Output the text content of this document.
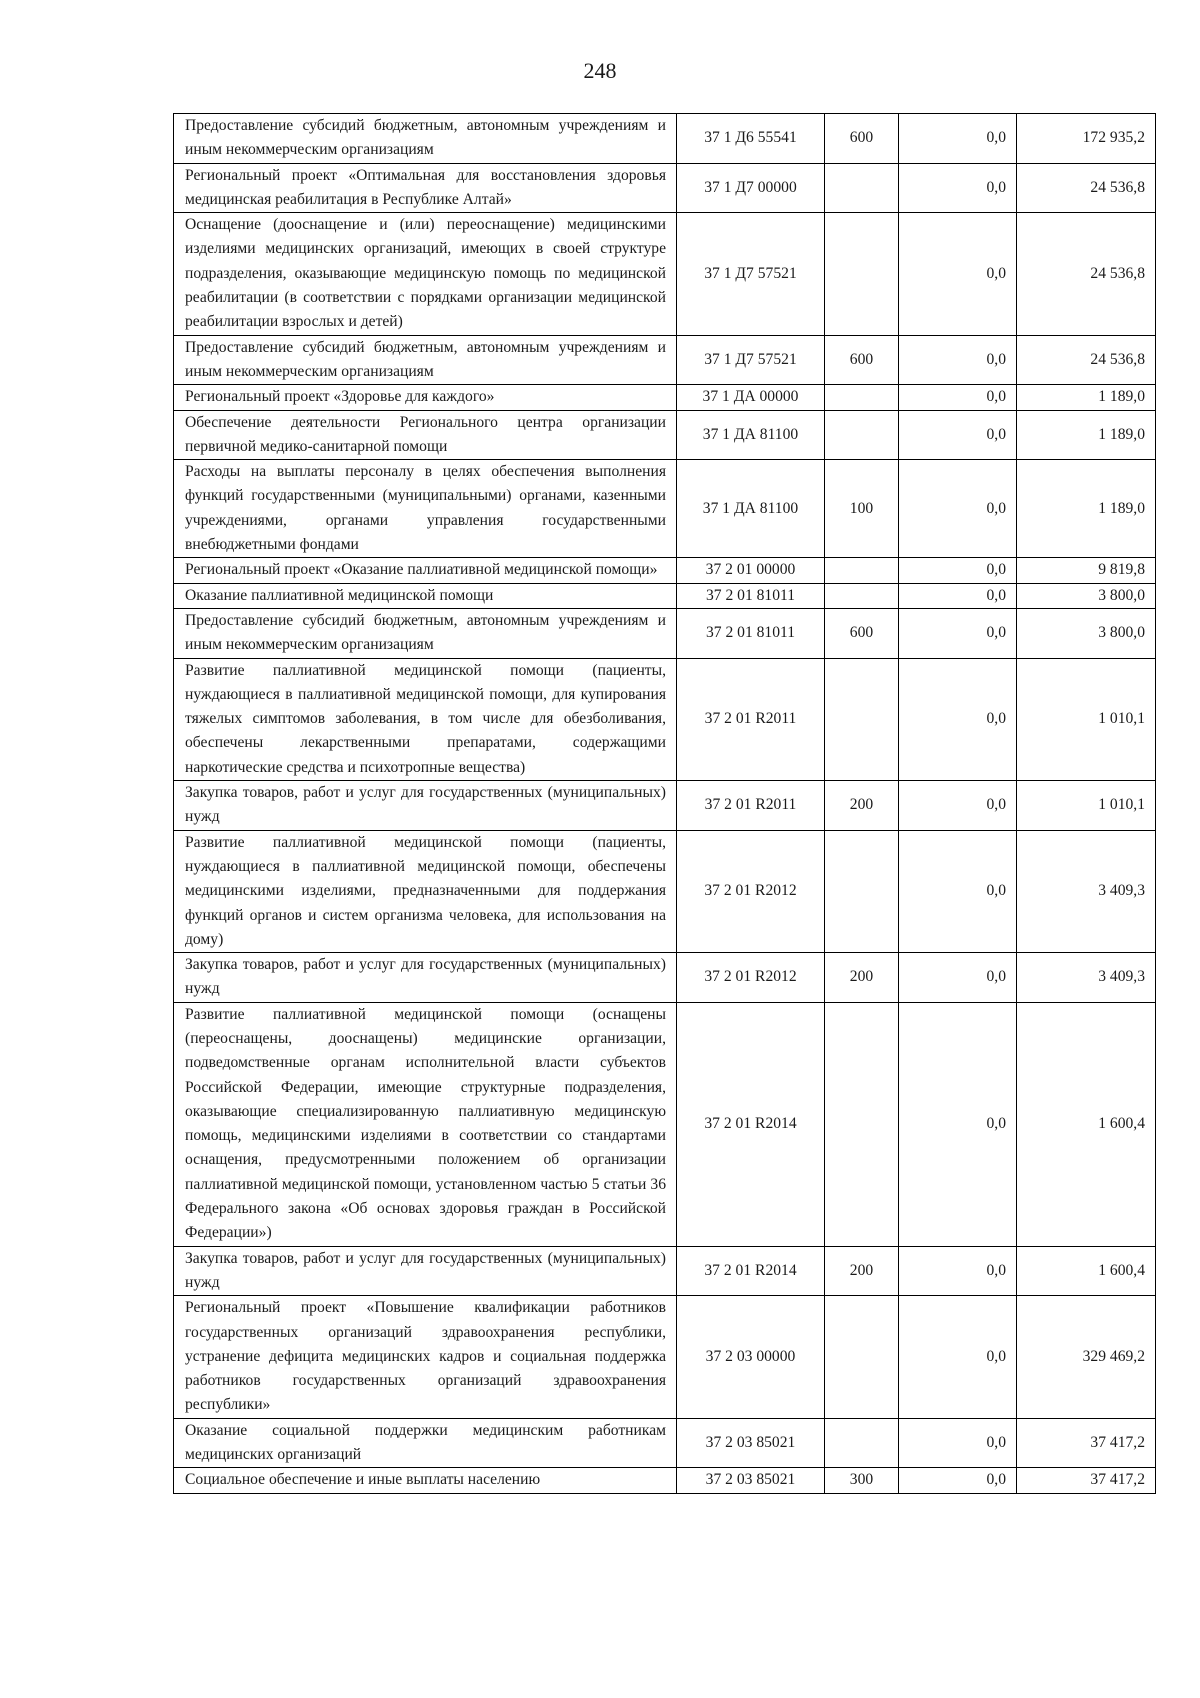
248
Предоставление субсидий бюджетным, автономным учреждениям и иным некоммерческим организациям	37 1 Д6 55541	600	0,0	172 935,2
Региональный проект «Оптимальная для восстановления здоровья медицинская реабилитация в Республике Алтай»	37 1 Д7 00000		0,0	24 536,8
Оснащение (дооснащение и (или) переоснащение) медицинскими изделиями медицинских организаций, имеющих в своей структуре подразделения, оказывающие медицинскую помощь по медицинской реабилитации (в соответствии с порядками организации медицинской реабилитации взрослых и детей)	37 1 Д7 57521		0,0	24 536,8
Предоставление субсидий бюджетным, автономным учреждениям и иным некоммерческим организациям	37 1 Д7 57521	600	0,0	24 536,8
Региональный проект «Здоровье для каждого»	37 1 ДА 00000		0,0	1 189,0
Обеспечение деятельности Регионального центра организации первичной медико-санитарной помощи	37 1 ДА 81100		0,0	1 189,0
Расходы на выплаты персоналу в целях обеспечения выполнения функций государственными (муниципальными) органами, казенными учреждениями, органами управления государственными внебюджетными фондами	37 1 ДА 81100	100	0,0	1 189,0
Региональный проект «Оказание паллиативной медицинской помощи»	37 2 01 00000		0,0	9 819,8
Оказание паллиативной медицинской помощи	37 2 01 81011		0,0	3 800,0
Предоставление субсидий бюджетным, автономным учреждениям и иным некоммерческим организациям	37 2 01 81011	600	0,0	3 800,0
Развитие паллиативной медицинской помощи (пациенты, нуждающиеся в паллиативной медицинской помощи, для купирования тяжелых симптомов заболевания, в том числе для обезболивания, обеспечены лекарственными препаратами, содержащими наркотические средства и психотропные вещества)	37 2 01 R2011		0,0	1 010,1
Закупка товаров, работ и услуг для государственных (муниципальных) нужд	37 2 01 R2011	200	0,0	1 010,1
Развитие паллиативной медицинской помощи (пациенты, нуждающиеся в паллиативной медицинской помощи, обеспечены медицинскими изделиями, предназначенными для поддержания функций органов и систем организма человека, для использования на дому)	37 2 01 R2012		0,0	3 409,3
Закупка товаров, работ и услуг для государственных (муниципальных) нужд	37 2 01 R2012	200	0,0	3 409,3
Развитие паллиативной медицинской помощи (оснащены (переоснащены, дооснащены) медицинские организации, подведомственные органам исполнительной власти субъектов Российской Федерации, имеющие структурные подразделения, оказывающие специализированную паллиативную медицинскую помощь, медицинскими изделиями в соответствии со стандартами оснащения, предусмотренными положением об организации паллиативной медицинской помощи, установленном частью 5 статьи 36 Федерального закона «Об основах здоровья граждан в Российской Федерации»)	37 2 01 R2014		0,0	1 600,4
Закупка товаров, работ и услуг для государственных (муниципальных) нужд	37 2 01 R2014	200	0,0	1 600,4
Региональный проект «Повышение квалификации работников государственных организаций здравоохранения республики, устранение дефицита медицинских кадров и социальная поддержка работников государственных организаций здравоохранения республики»	37 2 03 00000		0,0	329 469,2
Оказание социальной поддержки медицинским работникам медицинских организаций	37 2 03 85021		0,0	37 417,2
Социальное обеспечение и иные выплаты населению	37 2 03 85021	300	0,0	37 417,2
